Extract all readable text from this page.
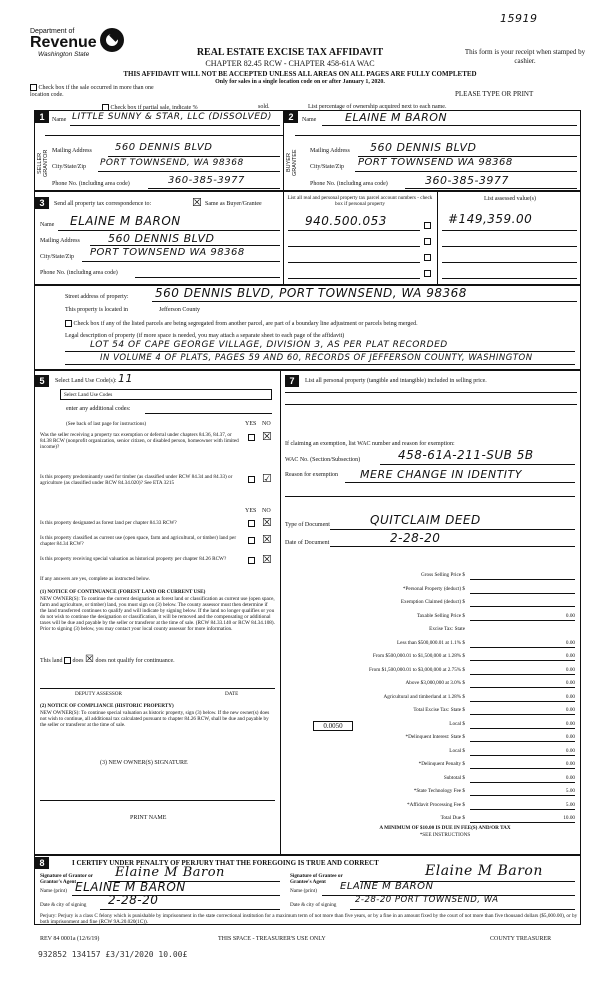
15919
Department of
Revenue
Washington State	REAL ESTATE EXCISE TAX AFFIDAVIT
CHAPTER 82.45 RCW - CHAPTER 458-61A WAC
This form is your receipt when stamped by cashier.
THIS AFFIDAVIT WILL NOT BE ACCEPTED UNLESS ALL AREAS ON ALL PAGES ARE FULLY COMPLETED
Only for sales in a single location code on or after January 1, 2020.
Check box if the sale occurred in more than one location code.	PLEASE TYPE OR PRINT
Check box if partial sale, indicate %	sold.	List percentage of ownership acquired next to each name.
1	2
SELLER GRANTOR	BUYER GRANTEE
Name LITTLE SUNNY & STAR, LLC (DISSOLVED)
Mailing Address 560 DENNIS BLVD
City/State/Zip PORT TOWNSEND, WA 98368
Phone No. (including area code)	360-385-3977
Name	ELAINE M BARON
Mailing Address 560 DENNIS BLVD
City/State/Zip PORT TOWNSEND WA 98368
Phone No. (including area code)	360-385-3977
3	Send all property tax correspondence to:	☒ Same as Buyer/Grantee
List all real and personal property tax parcel account numbers - check box if personal property
List assessed value(s)
Name ELAINE M BARON
Mailing Address	560 DENNIS BLVD
City/State/Zip PORT TOWNSEND WA 98368
Phone No. (including area code)
940.500.053	#149,359.00
Street address of property: 560 DENNIS BLVD, PORT TOWNSEND, WA 98368
This property is located in	Jefferson County
Check box if any of the listed parcels are being segregated from another parcel, are part of a boundary line adjustment or parcels being merged.
Legal description of property (if more space is needed, you may attach a separate sheet to each page of the affidavit)
LOT 54 OF CAPE GEORGE VILLAGE, DIVISION 3, AS PER PLAT RECORDED
IN VOLUME 4 OF PLATS, PAGES 59 AND 60, RECORDS OF JEFFERSON COUNTY, WASHINGTON
5	Select Land Use Code(s): 11
Select Land Use Codes
enter any additional codes:
(See back of last page for instructions)	YES NO
Was the seller receiving a property tax exemption or deferral under chapters 84.36, 84.37, or 84.38 RCW (nonprofit organization, senior citizen, or disabled person, homeowner with limited income)?
☒
Is this property predominantly used for timber (as classified under RCW 84.34 and 84.33) or agriculture (as classified under RCW 84.34.020)? See ETA 3215	☑
YES NO
Is this property designated as forest land per chapter 84.33 RCW?	☒
Is this property classified as current use (open space, farm and agricultural, or timber) land per chapter 84.34 RCW?	☒
Is this property receiving special valuation as historical property per chapter 84.26 RCW?	☒
If any answers are yes, complete as instructed below.
(1) NOTICE OF CONTINUANCE (FOREST LAND OR CURRENT USE)
NEW OWNER(S): To continue the current designation as forest land or classification as current use (open space, farm and agriculture, or timber) land, you must sign on (3) below. The county assessor must then determine if the land transferred continues to qualify and will indicate by signing below. If the land no longer qualifies or you do not wish to continue the designation or classification, it will be removed and the compensating or additional taxes will be due and payable by the seller or transferor at the time of sale. (RCW 84.33.140 or RCW 84.34.108). Prior to signing (3) below, you may contact your local county assessor for more information.
This land does ☒ does not qualify for continuance.
DEPUTY ASSESSOR	DATE
(2) NOTICE OF COMPLIANCE (HISTORIC PROPERTY)
NEW OWNER(S): To continue special valuation as historic property, sign (3) below. If the new owner(s) does not wish to continue, all additional tax calculated pursuant to chapter 84.26 RCW, shall be due and payable by the seller or transferor at the time of sale.
(3) NEW OWNER(S) SIGNATURE
PRINT NAME
7	List all personal property (tangible and intangible) included in selling price.
If claiming an exemption, list WAC number and reason for exemption:
WAC No. (Section/Subsection)	458-61A-211-SUB 5B
Reason for exemption MERE CHANGE IN IDENTITY
Type of Document	QUITCLAIM DEED
Date of Document	2-28-20
Gross Selling Price $
*Personal Property (deduct) $
Exemption Claimed (deduct) $
Taxable Selling Price $	0.00
Excise Tax: State
Less than $500,000.01 at 1.1% $	0.00
From $500,000.01 to $1,500,000 at 1.28% $	0.00
From $1,500,000.01 to $3,000,000 at 2.75% $	0.00
Above $3,000,000 at 3.0% $	0.00
Agricultural and timberland at 1.28% $	0.00
Total Excise Tax: State $	0.00
Local $	0.00
*Delinquent Interest: State $	0.00
Local $	0.00
*Delinquent Penalty $	0.00
Subtotal $	0.00
*State Technology Fee $	5.00
*Affidavit Processing Fee $	5.00
Total Due $	10.00
0.0050
A MINIMUM OF $10.00 IS DUE IN FEE(S) AND/OR TAX
*SEE INSTRUCTIONS
8	I CERTIFY UNDER PENALTY OF PERJURY THAT THE FOREGOING IS TRUE AND CORRECT
Signature of Grantor or Grantor's Agent
Elaine M Baron
Name (print) ELAINE M BARON
Date & city of signing 2-28-20
Signature of Grantee or Grantee's Agent
Elaine M Baron
Name (print) ELAINE M BARON
Date & city of signing 2-28-20 PORT TOWNSEND, WA
Perjury: Perjury is a class C felony which is punishable by imprisonment in the state correctional institution for a maximum term of not more than five years, or by a fine in an amount fixed by the court of not more than five thousand dollars ($5,000.00), or by both imprisonment and fine (RCW 9A.20.020(1C)).
REV 84 0001a (12/6/19)	THIS SPACE - TREASURER'S USE ONLY	COUNTY TREASURER
932852 134157 £3/31/2020 10.00£
